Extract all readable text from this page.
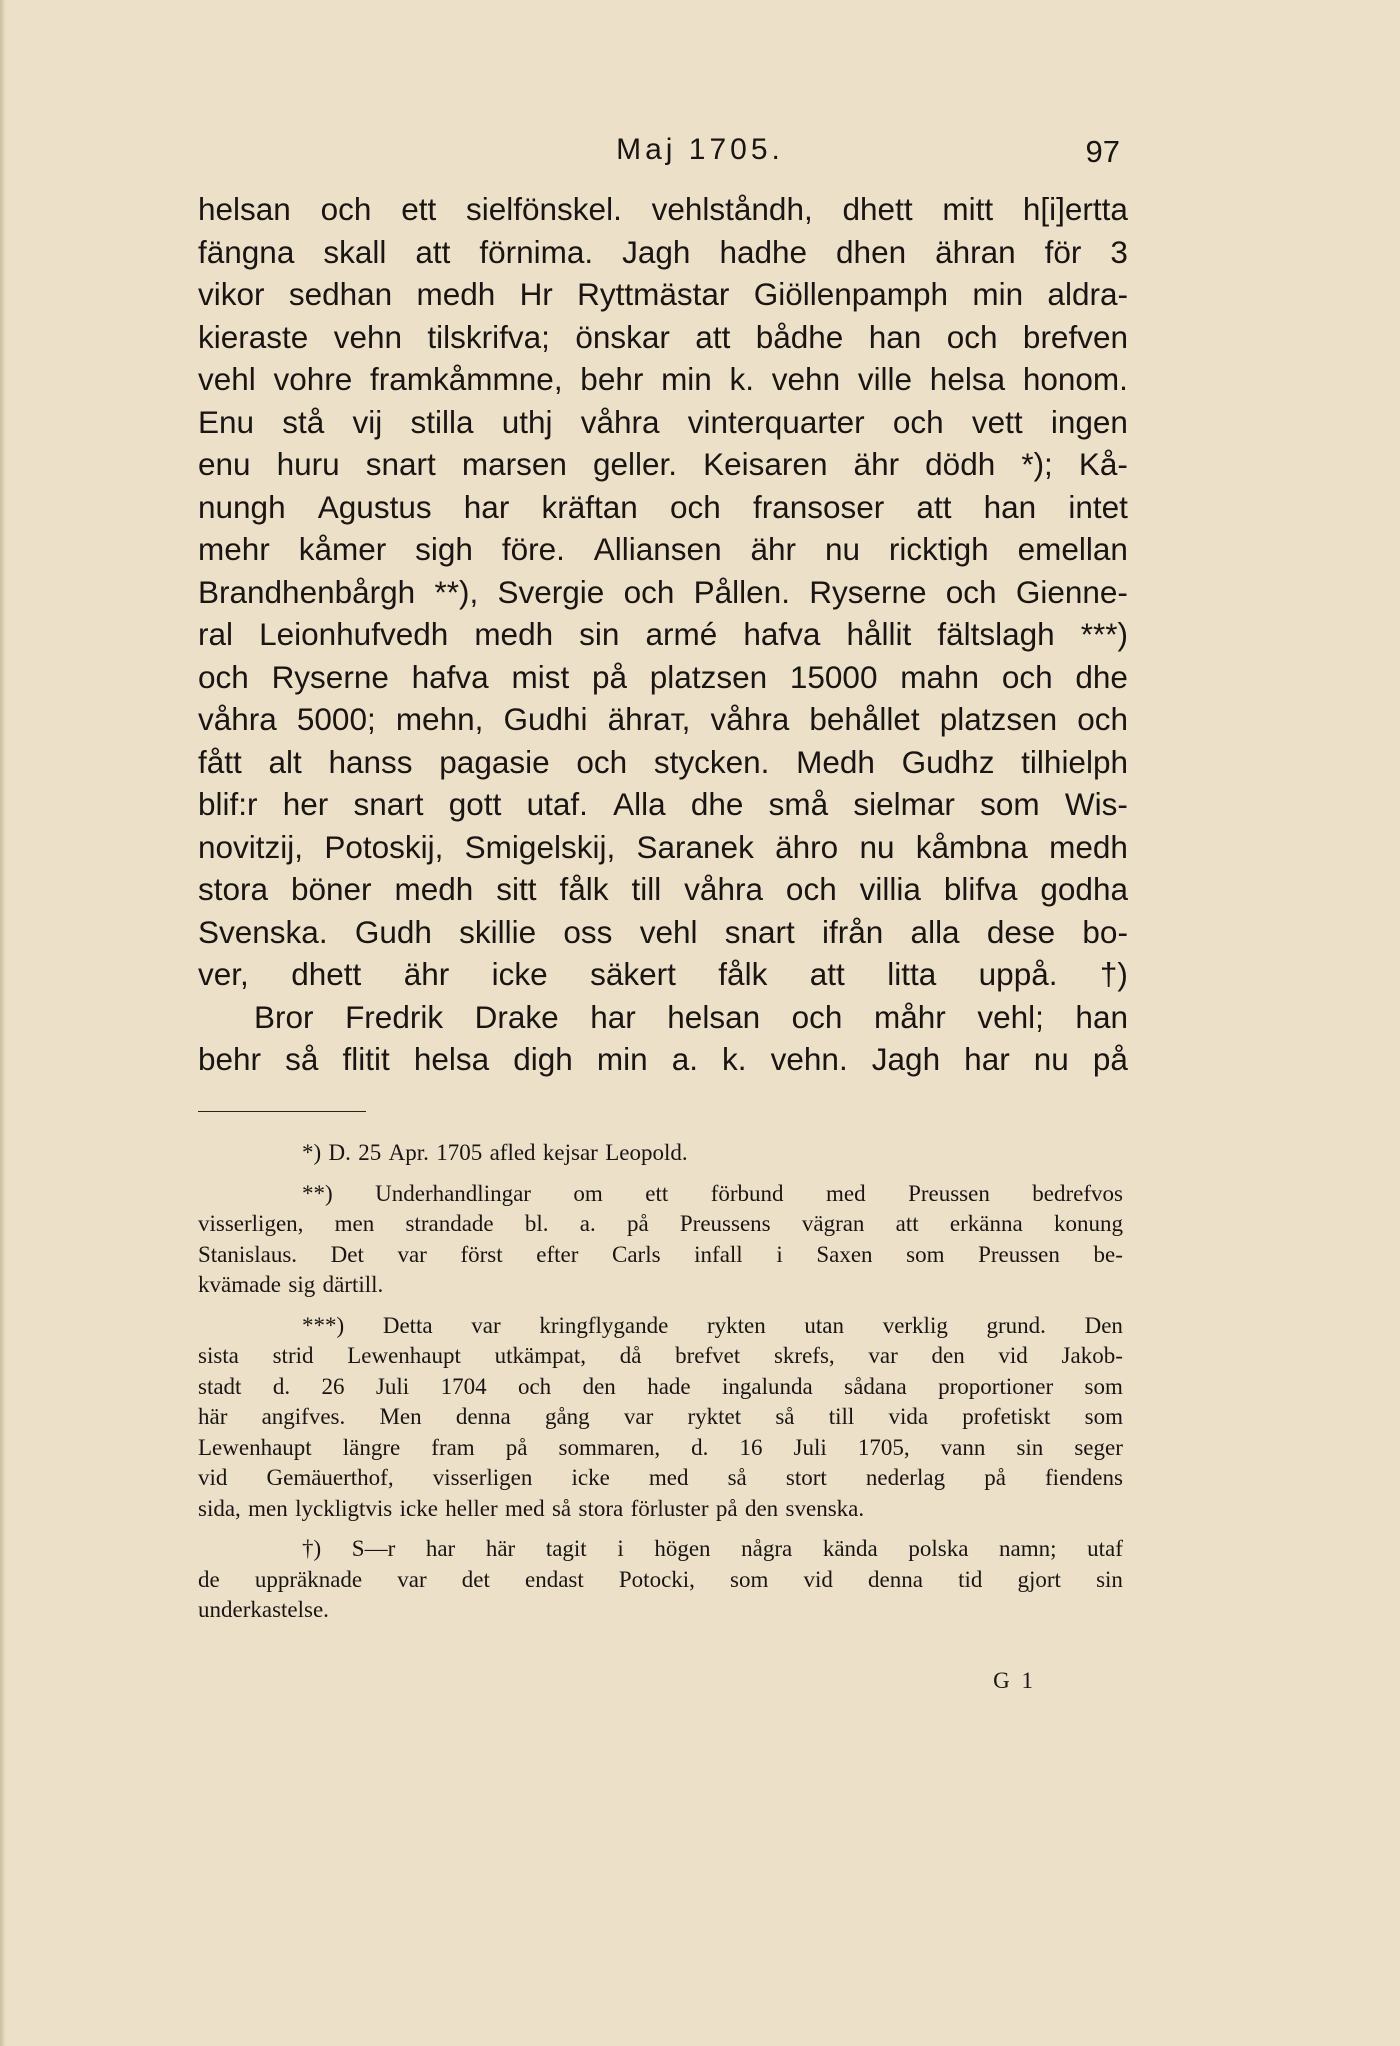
Maj 1705.	97
helsan och ett sielfönskel. vehlståndh, dhett mitt h[i]ertta
fängna skall att förnima. Jagh hadhe dhen ähran för 3
vikor sedhan medh Hr Ryttmästar Giöllenpamph min aldra-
kieraste vehn tilskrifva; önskar att bådhe han och brefven
vehl vohre framkåmmne, behr min k. vehn ville helsa honom.
Enu stå vij stilla uthj våhra vinterquarter och vett ingen
enu huru snart marsen geller. Keisaren ähr dödh *); Kå-
nungh Agustus har kräftan och fransoser att han intet
mehr kåmer sigh före. Alliansen ähr nu ricktigh emellan
Brandhenbårgh **), Svergie och Pållen. Ryserne och Gienne-
ral Leionhufvedh medh sin armé hafva hållit fältslagh ***)
och Ryserne hafva mist på platzsen 15000 mahn och dhe
våhra 5000; mehn, Gudhi ähraт, våhra behållet platzsen och
fått alt hanss pagasie och stycken. Medh Gudhz tilhielph
blif:r her snart gott utaf. Alla dhe små sielmar som Wis-
novitzij, Potoskij, Smigelskij, Saranek ähro nu kåmbna medh
stora böner medh sitt fålk till våhra och villia blifva godha
Svenska. Gudh skillie oss vehl snart ifrån alla dese bo-
ver, dhett ähr icke säkert fålk att litta uppå. †)
Bror Fredrik Drake har helsan och måhr vehl; han
behr så flitit helsa digh min a. k. vehn. Jagh har nu på
*) D. 25 Apr. 1705 afled kejsar Leopold.
**) Underhandlingar om ett förbund med Preussen bedrefvos
visserligen, men strandade bl. a. på Preussens vägran att erkänna konung
Stanislaus. Det var först efter Carls infall i Saxen som Preussen be-
kvämade sig därtill.
***) Detta var kringflygande rykten utan verklig grund. Den
sista strid Lewenhaupt utkämpat, då brefvet skrefs, var den vid Jakob-
stadt d. 26 Juli 1704 och den hade ingalunda sådana proportioner som
här angifves. Men denna gång var ryktet så till vida profetiskt som
Lewenhaupt längre fram på sommaren, d. 16 Juli 1705, vann sin seger
vid Gemäuerthof, visserligen icke med så stort nederlag på fiendens
sida, men lyckligtvis icke heller med så stora förluster på den svenska.
†) S—r har här tagit i högen några kända polska namn; utaf
de uppräknade var det endast Potocki, som vid denna tid gjort sin
underkastelse.
G 1
